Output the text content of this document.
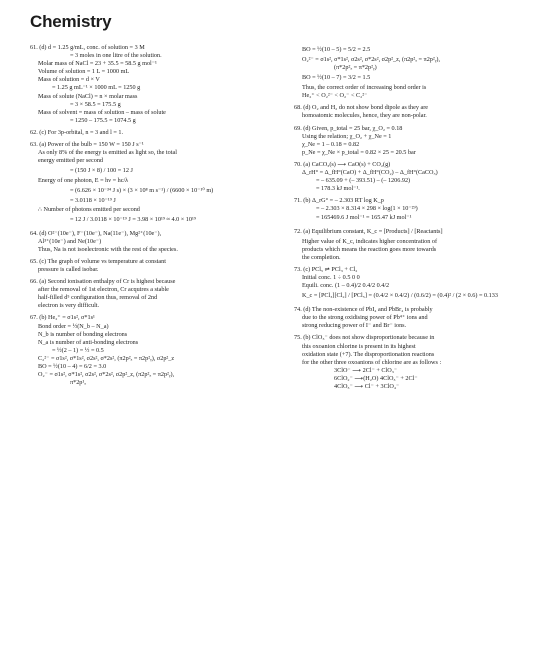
Chemistry
61. (d) d = 1.25 g/mL, conc. of solution = 3 M
= 3 moles in one litre of the solution.
Molar mass of NaCl = 23 + 35.5 = 58.5 g mol⁻¹
Volume of solution = 1 L = 1000 mL
Mass of solution = d × V
= 1.25 g mL⁻¹ × 1000 mL = 1250 g
Mass of solute (NaCl) = n × molar mass
= 3 × 58.5 = 175.5 g
Mass of solvent = mass of solution – mass of solute
= 1250 – 175.5 = 1074.5 g
62. (c) For 3p-orbital, n = 3 and l = 1.
63. (a) Power of the bulb = 150 W = 150 J s⁻¹
As only 8% of the energy is emitted as light so, the total
energy emitted per second
= (150 J × 8) / 100 = 12 J
Energy of one photon, E = hν = hc/λ
= (6.626 × 10⁻³⁴ J s) × (3 × 10⁸ m s⁻¹) / (6600 × 10⁻¹⁰ m)
= 3.0118 × 10⁻¹⁹ J
∴ Number of photons emitted per second
= 12 J / 3.0118 × 10⁻¹⁹ J = 3.98 × 10¹⁹ ≈ 4.0 × 10¹⁹
64. (d) O²⁻(10e⁻), F⁻(10e⁻), Na(11e⁻), Mg²⁺(10e⁻),
Al³⁺(10e⁻) and Ne(10e⁻)
Thus, Na is not isoelectronic with the rest of the species.
65. (c) The graph of volume vs temperature at constant
pressure is called isobar.
66. (a) Second ionisation enthalpy of Cr is highest because
after the removal of 1st electron, Cr acquires a stable
half-filled d⁵ configuration thus, removal of 2nd
electron is very difficult.
67. (b) He₂⁺ = σ1s², σ*1s¹
Bond order = ½(N_b – N_a)
N_b is number of bonding electrons
N_a is number of anti-bonding electrons
= ½(2 – 1) = ½ = 0.5
C₂²⁻ = σ1s², σ*1s², σ2s², σ*2s², (π2p²ₓ = π2p²ᵧ), σ2p²_z
BO = ½(10 – 4) = 6/2 = 3.0
O₂⁻ = σ1s², σ*1s², σ2s², σ*2s², σ2p²_z, (π2p²ₓ = π2p²ᵧ),
π*2p¹ₓ
BO = ½(10 – 5) = 5/2 = 2.5
O₂²⁻ = σ1s², σ*1s², σ2s², σ*2s², σ2p²_z, (π2p²ₓ = π2p²ᵧ),
(π*2p²ₓ = π*2p²ᵧ)
BO = ½(10 – 7) = 3/2 = 1.5
Thus, the correct order of increasing bond order is
He₂⁺ < O₂²⁻ < O₂⁻ < C₂²⁻
68. (d) O₂ and H₂ do not show bond dipole as they are
homoatomic molecules, hence, they are non-polar.
69. (d) Given, p_total = 25 bar, χ_O₂ = 0.18
Using the relation; χ_O₂ + χ_Ne = 1
χ_Ne = 1 – 0.18 = 0.82
p_Ne = χ_Ne × p_total = 0.82 × 25 = 20.5 bar
70. (a) CaCO₃(s) ⟶ CaO(s) + CO₂(g)
Δ_rH° = Δ_fH°(CaO) + Δ_fH°(CO₂) – Δ_fH°(CaCO₃)
= – 635.09 + (– 393.51) – (– 1206.92)
= 178.3 kJ mol⁻¹.
71. (b) Δ_rG° = – 2.303 RT log K_p
= – 2.303 × 8.314 × 298 × log(1 × 10⁻²⁹)
= 165469.6 J mol⁻¹ = 165.47 kJ mol⁻¹
72. (a) Equilibrium constant, K_c = [Products] / [Reactants]
Higher value of K_c, indicates higher concentration of
products which means the reaction goes more towards
the completion.
73. (c) PCl₅ ⇌ PCl₃ + Cl₂
Initial conc. 1 ÷ 0.5 0 0
Equili. conc. (1 – 0.4)/2 0.4/2 0.4/2
K_c = [PCl₃][Cl₂] / [PCl₅] = (0.4/2 × 0.4/2) / (0.6/2) = (0.4)² / (2 × 0.6) = 0.133
74. (d) The non-existence of PbI₄ and PbBr₄ is probably
due to the strong oxidising power of Pb⁴⁺ ions and
strong reducing power of I⁻ and Br⁻ ions.
75. (b) ClO₃⁻ does not show disproportionate because in
this oxoanion chlorine is present in its highest
oxidation state (+7). The disproportionation reactions
for the other three oxoanions of chlorine are as follows :
3ClO⁻ ⟶ 2Cl⁻ + ClO₃⁻
6ClO₂⁻ ⟶(H₂O) 4ClO₃⁻ + 2Cl⁻
4ClO₃⁻ ⟶ Cl⁻ + 3ClO₄⁻
